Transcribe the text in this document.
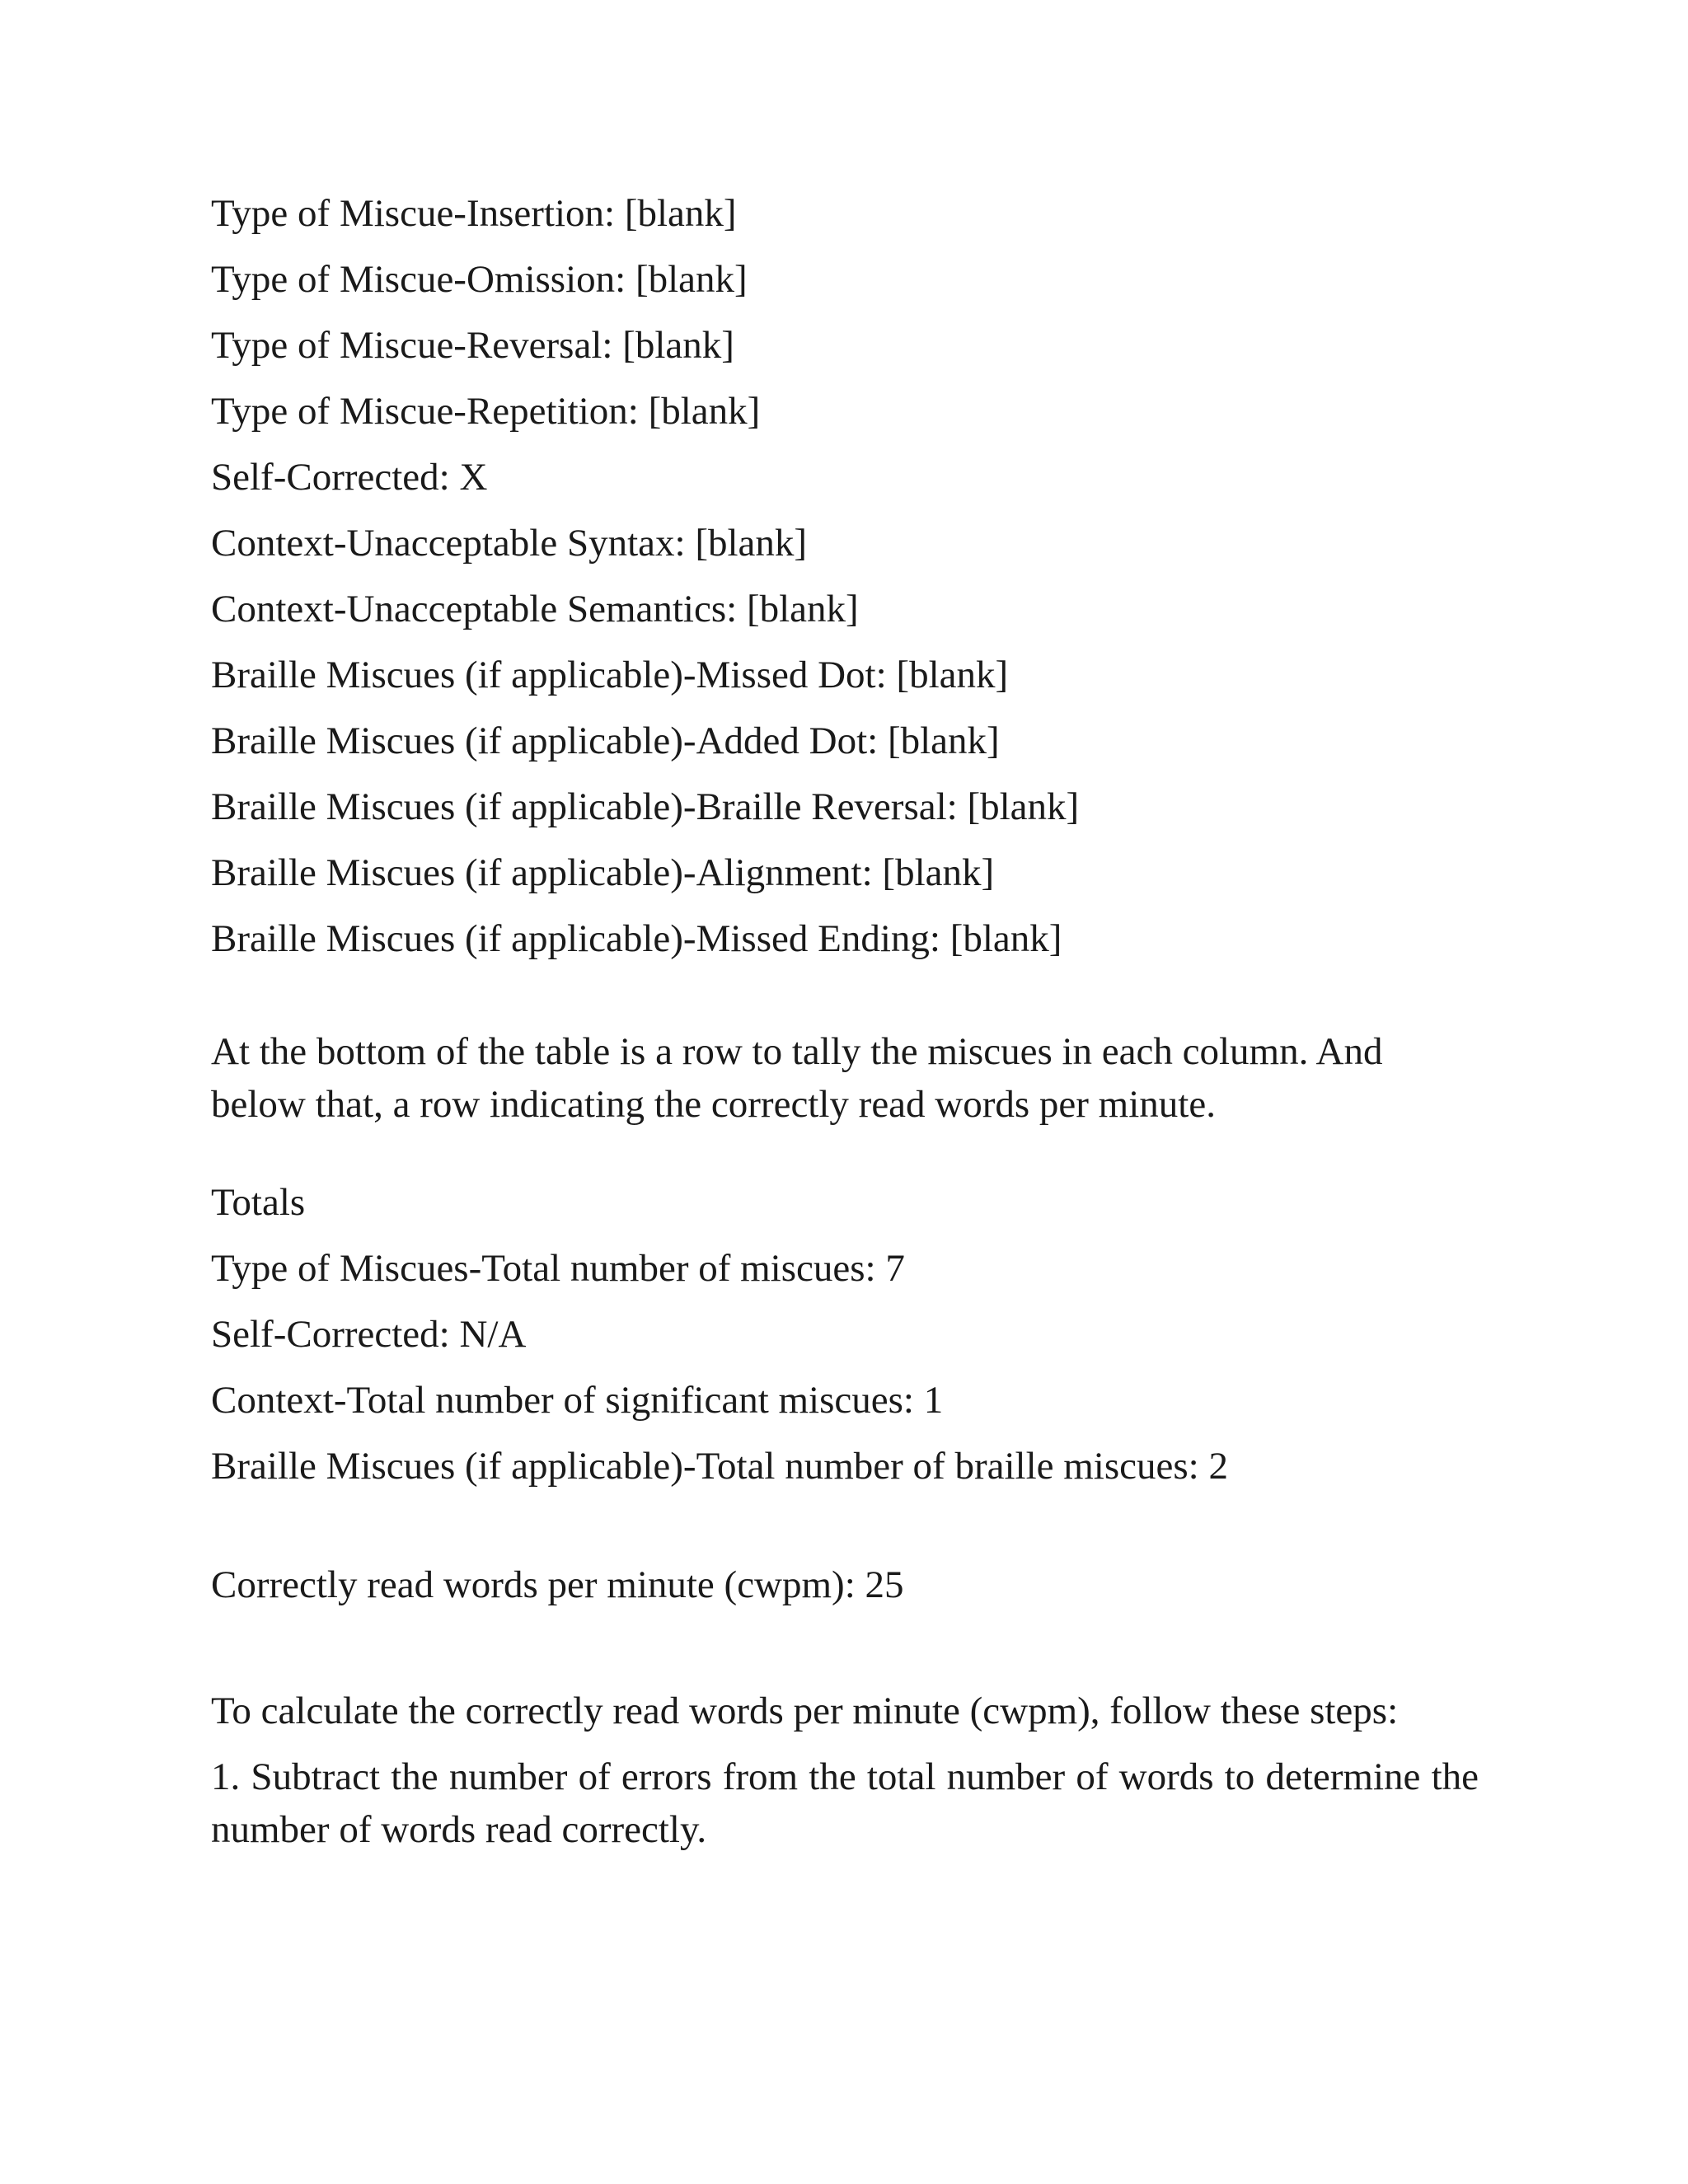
Type of Miscue-Insertion: [blank]
Type of Miscue-Omission: [blank]
Type of Miscue-Reversal: [blank]
Type of Miscue-Repetition: [blank]
Self-Corrected: X
Context-Unacceptable Syntax: [blank]
Context-Unacceptable Semantics: [blank]
Braille Miscues (if applicable)-Missed Dot: [blank]
Braille Miscues (if applicable)-Added Dot: [blank]
Braille Miscues (if applicable)-Braille Reversal: [blank]
Braille Miscues (if applicable)-Alignment: [blank]
Braille Miscues (if applicable)-Missed Ending: [blank]

At the bottom of the table is a row to tally the miscues in each column. And below that, a row indicating the correctly read words per minute.

Totals
Type of Miscues-Total number of miscues: 7
Self-Corrected: N/A
Context-Total number of significant miscues: 1
Braille Miscues (if applicable)-Total number of braille miscues: 2
Correctly read words per minute (cwpm): 25

To calculate the correctly read words per minute (cwpm), follow these steps:

1. Subtract the number of errors from the total number of words to determine the number of words read correctly.
